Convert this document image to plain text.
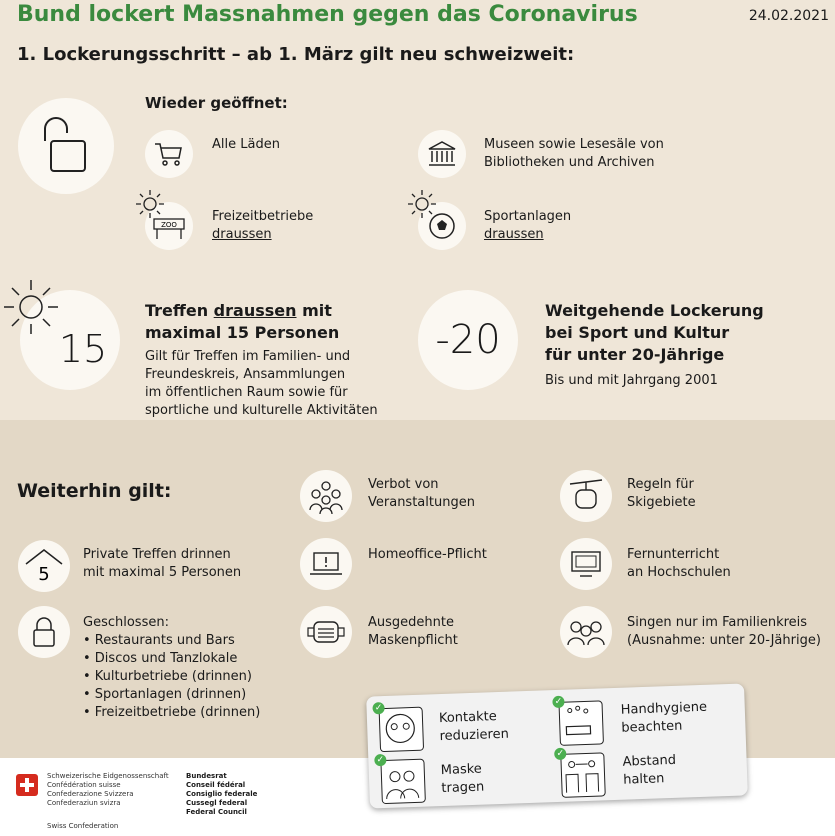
Bund lockert Massnahmen gegen das Coronavirus	24.02.2021
1. Lockerungsschritt – ab 1. März gilt neu schweizweit:
Wieder geöffnet:
Alle Läden	Museen sowie Lesesäle von
Bibliotheken und Archiven
ZOO
Freizeitbetriebe
draussen
Sportanlagen
draussen
15
Treffen draussen mit
maximal 15 Personen
Gilt für Treffen im Familien- und
Freundeskreis, Ansammlungen
im öffentlichen Raum sowie für
sportliche und kulturelle Aktivitäten
-20
Weitgehende Lockerung
bei Sport und Kultur
für unter 20-Jährige
Bis und mit Jahrgang 2001
Weiterhin gilt:
5
Private Treffen drinnen
mit maximal 5 Personen
Geschlossen:
• Restaurants und Bars
• Discos und Tanzlokale
• Kulturbetriebe (drinnen)
• Sportanlagen (drinnen)
• Freizeitbetriebe (drinnen)
Verbot von
Veranstaltungen
Homeoffice-Pflicht
Ausgedehnte
Maskenpflicht
Regeln für
Skigebiete
Fernunterricht
an Hochschulen
Singen nur im Familienkreis
(Ausnahme: unter 20-Jährige)
✓
Kontakte
reduzieren
✓	Handhygiene
beachten
✓
Maske
tragen
✓	Abstand
halten
Schweizerische Eidgenossenschaft
Confédération suisse
Confederazione Svizzera
Confederaziun svizra
Swiss Confederation
Bundesrat
Conseil fédéral
Consiglio federale
Cussegl federal
Federal Council
